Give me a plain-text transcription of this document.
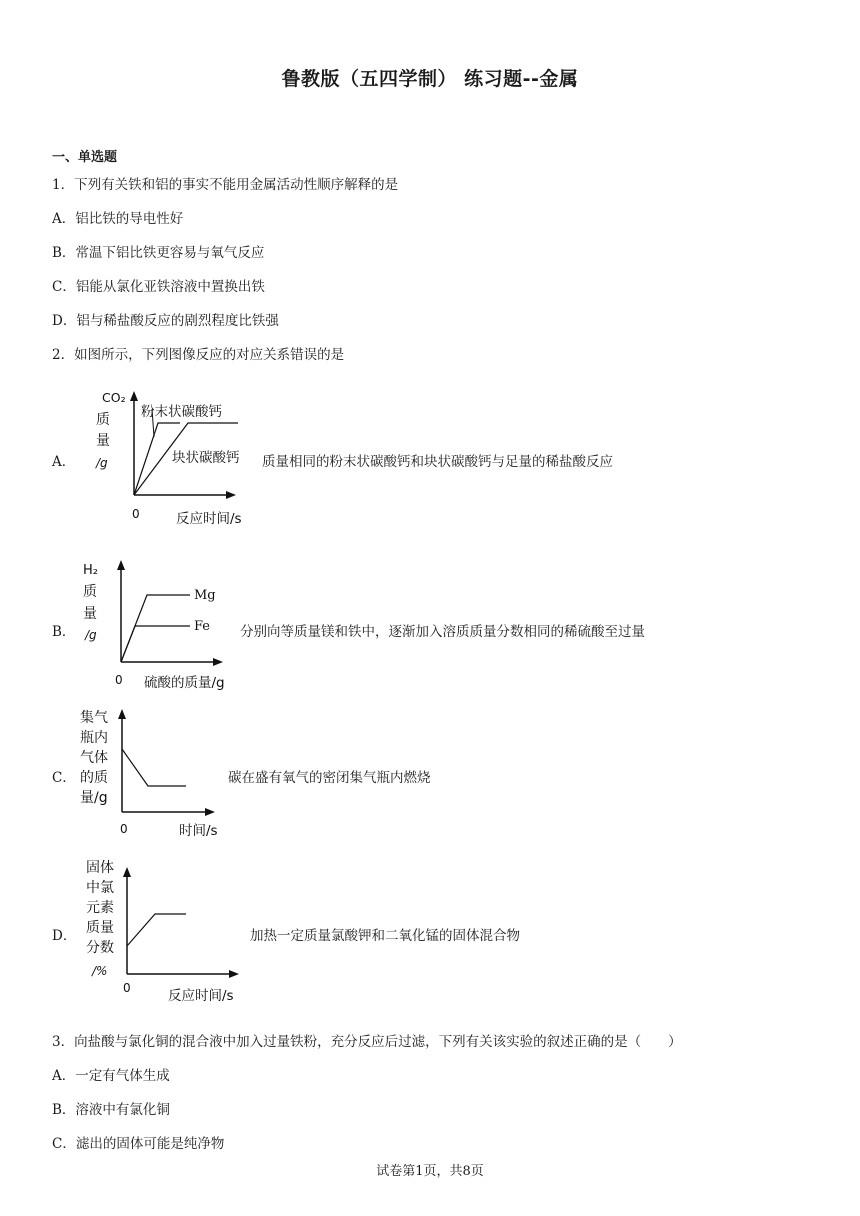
鲁教版（五四学制） 练习题--金属
一、单选题
1．下列有关铁和铝的事实不能用金属活动性顺序解释的是
A．铝比铁的导电性好
B．常温下铝比铁更容易与氧气反应
C．铝能从氯化亚铁溶液中置换出铁
D．铝与稀盐酸反应的剧烈程度比铁强
2．如图所示，下列图像反应的对应关系错误的是
A．
CO₂
质
量
/g
粉末状碳酸钙
块状碳酸钙
0	反应时间/s
质量相同的粉末状碳酸钙和块状碳酸钙与足量的稀盐酸反应
B．
H₂
质
量
/g
Mg
Fe
0 硫酸的质量/g
分别向等质量镁和铁中，逐渐加入溶质质量分数相同的稀硫酸至过量
C．
集气
瓶内
气体
的质
量/g
0	时间/s
碳在盛有氧气的密闭集气瓶内燃烧
D．
固体
中氯
元素
质量
分数
/%
0	反应时间/s
加热一定质量氯酸钾和二氧化锰的固体混合物
3．向盐酸与氯化铜的混合液中加入过量铁粉，充分反应后过滤，下列有关该实验的叙述正确的是（　　）
A．一定有气体生成
B．溶液中有氯化铜
C．滤出的固体可能是纯净物
试卷第1页，共8页
